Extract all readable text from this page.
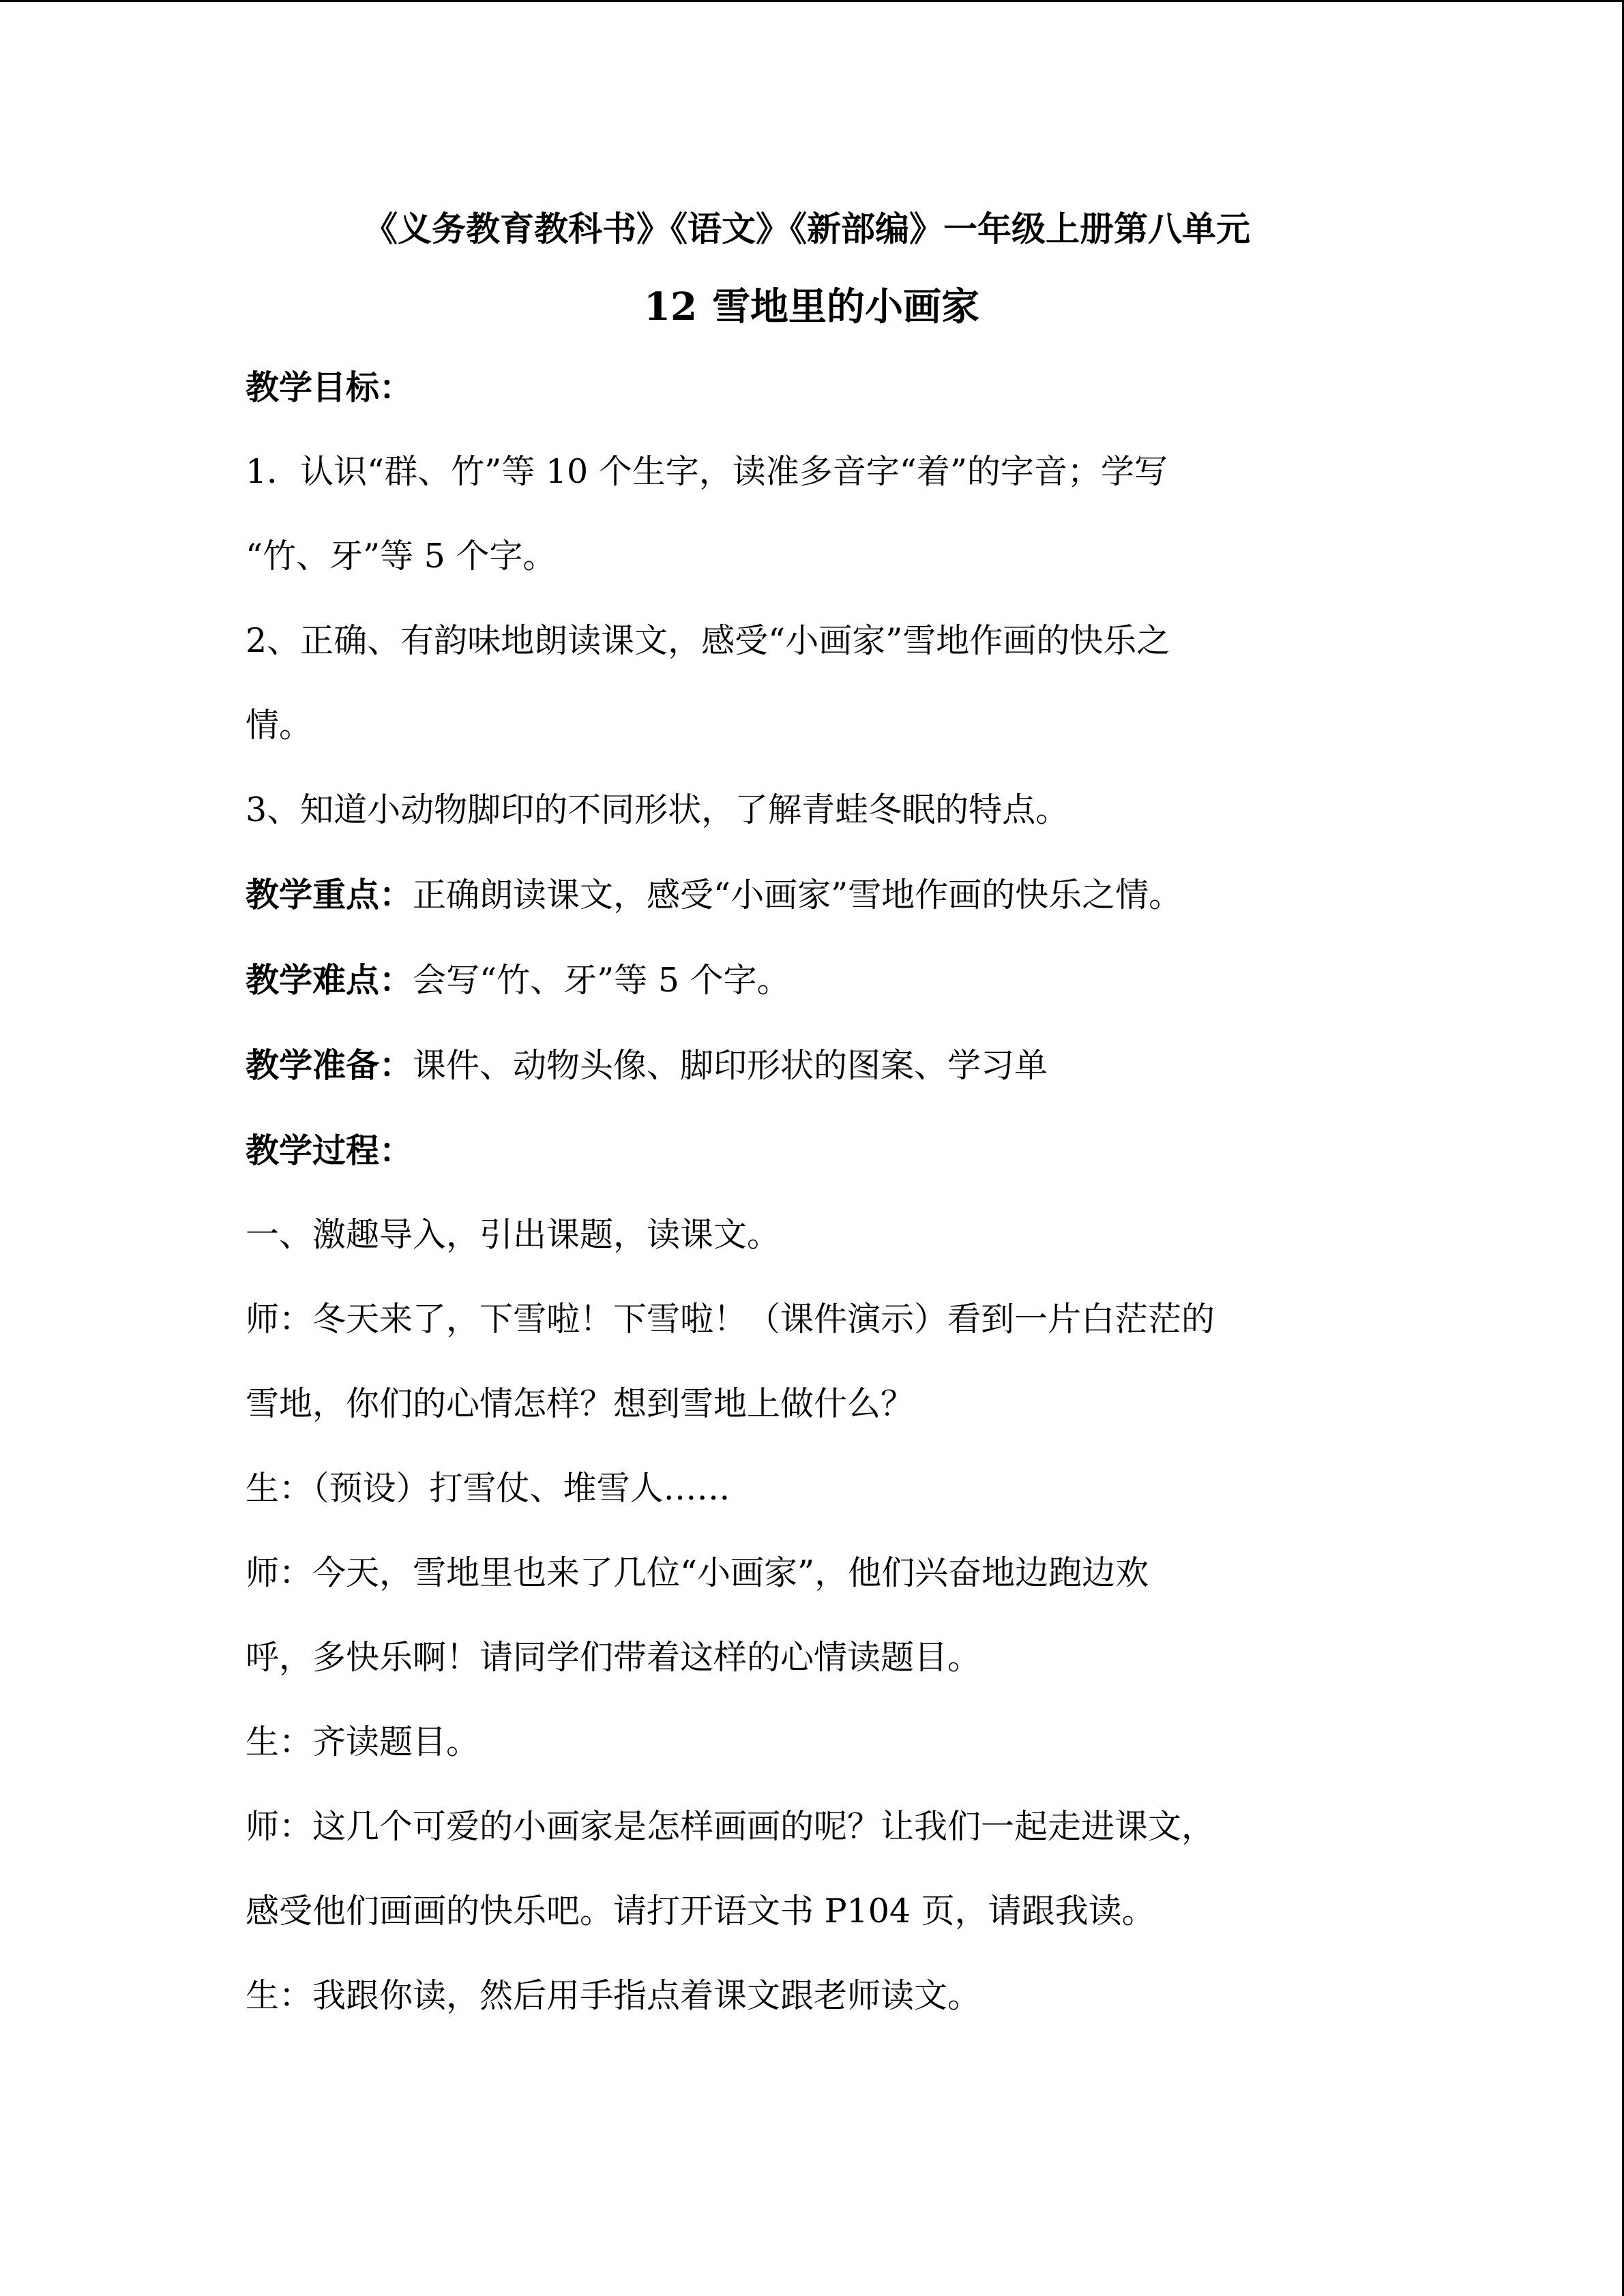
《义务教育教科书》《语文》《新部编》一年级上册第八单元

12 雪地里的小画家

教学目标：

1．认识“群、竹”等 10 个生字，读准多音字“着”的字音；学写

“竹、牙”等 5 个字。

2、正确、有韵味地朗读课文，感受“小画家”雪地作画的快乐之

情。

3、知道小动物脚印的不同形状，了解青蛙冬眠的特点。

教学重点：正确朗读课文，感受“小画家”雪地作画的快乐之情。

教学难点：会写“竹、牙”等 5 个字。

教学准备：课件、动物头像、脚印形状的图案、学习单

教学过程：

一、激趣导入，引出课题，读课文。

师：冬天来了，下雪啦！下雪啦！（课件演示）看到一片白茫茫的

雪地，你们的心情怎样？想到雪地上做什么？

生：（预设）打雪仗、堆雪人……

师：今天，雪地里也来了几位“小画家”，他们兴奋地边跑边欢

呼，多快乐啊！请同学们带着这样的心情读题目。

生：齐读题目。

师：这几个可爱的小画家是怎样画画的呢？让我们一起走进课文，

感受他们画画的快乐吧。请打开语文书 P104 页，请跟我读。

生：我跟你读，然后用手指点着课文跟老师读文。
